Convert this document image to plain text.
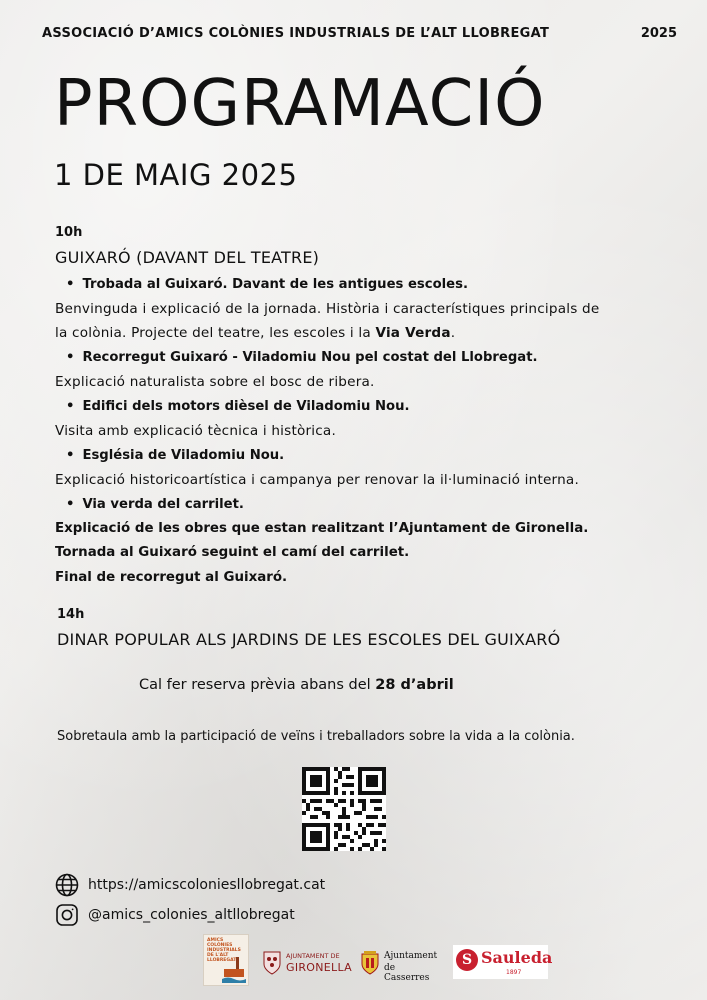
ASSOCIACIÓ D’AMICS COLÒNIES INDUSTRIALS DE L’ALT LLOBREGAT	2025
PROGRAMACIÓ
1 DE MAIG 2025
10h
GUIXARÓ (DAVANT DEL TEATRE)
• Trobada al Guixaró. Davant de les antigues escoles.
Benvinguda i explicació de la jornada. Història i característiques principals de
la colònia. Projecte del teatre, les escoles i la Via Verda.
• Recorregut Guixaró - Viladomiu Nou pel costat del Llobregat.
Explicació naturalista sobre el bosc de ribera.
• Edifici dels motors dièsel de Viladomiu Nou.
Visita amb explicació tècnica i històrica.
• Església de Viladomiu Nou.
Explicació historicoartística i campanya per renovar la il·luminació interna.
• Via verda del carrilet.
Explicació de les obres que estan realitzant l’Ajuntament de Gironella.
Tornada al Guixaró seguint el camí del carrilet.
Final de recorregut al Guixaró.
14h
DINAR POPULAR ALS JARDINS DE LES ESCOLES DEL GUIXARÓ
Cal fer reserva prèvia abans del 28 d’abril
Sobretaula amb la participació de veïns i treballadors sobre la vida a la colònia.
https://amicscoloniesllobregat.cat
@amics_colonies_altllobregat
AMICS
COLÒNIES
INDUSTRIALS
DE L'ALT
LLOBREGAT
AJUNTAMENT DE
GIRONELLA
Ajuntament
de Casserres
S Sauleda
1897
